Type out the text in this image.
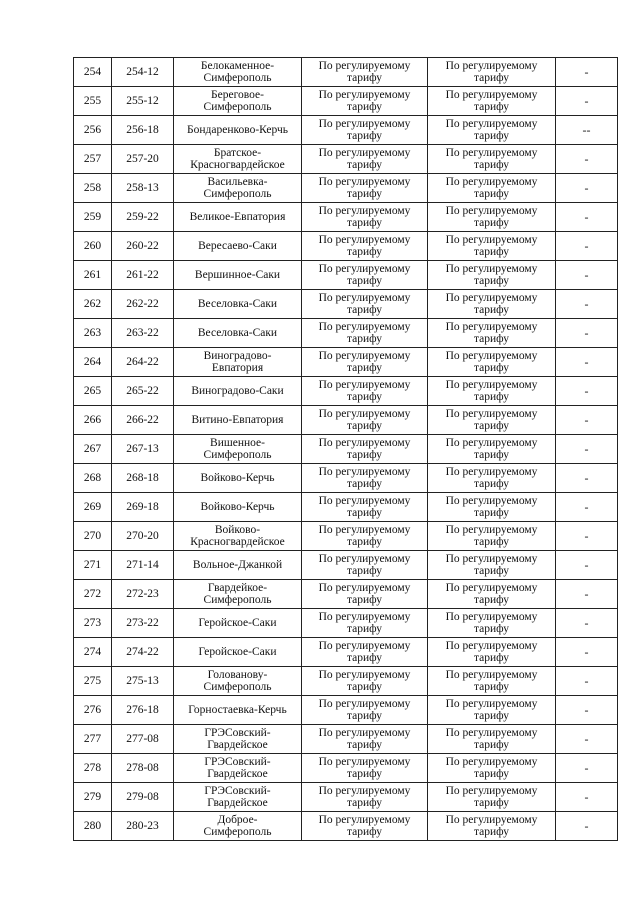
254	254-12	Белокаменное-
Симферополь	По регулируемому
тарифу	По регулируемому
тарифу	-
255	255-12	Береговое-
Симферополь	По регулируемому
тарифу	По регулируемому
тарифу	-
256	256-18	Бондаренково-Керчь	По регулируемому
тарифу	По регулируемому
тарифу	--
257	257-20	Братское-
Красногвардейское	По регулируемому
тарифу	По регулируемому
тарифу	-
258	258-13	Васильевка-
Симферополь	По регулируемому
тарифу	По регулируемому
тарифу	-
259	259-22	Великое-Евпатория	По регулируемому
тарифу	По регулируемому
тарифу	-
260	260-22	Вересаево-Саки	По регулируемому
тарифу	По регулируемому
тарифу	-
261	261-22	Вершинное-Саки	По регулируемому
тарифу	По регулируемому
тарифу	-
262	262-22	Веселовка-Саки	По регулируемому
тарифу	По регулируемому
тарифу	-
263	263-22	Веселовка-Саки	По регулируемому
тарифу	По регулируемому
тарифу	-
264	264-22	Виноградово-
Евпатория	По регулируемому
тарифу	По регулируемому
тарифу	-
265	265-22	Виноградово-Саки	По регулируемому
тарифу	По регулируемому
тарифу	-
266	266-22	Витино-Евпатория	По регулируемому
тарифу	По регулируемому
тарифу	-
267	267-13	Вишенное-
Симферополь	По регулируемому
тарифу	По регулируемому
тарифу	-
268	268-18	Войково-Керчь	По регулируемому
тарифу	По регулируемому
тарифу	-
269	269-18	Войково-Керчь	По регулируемому
тарифу	По регулируемому
тарифу	-
270	270-20	Войково-
Красногвардейское	По регулируемому
тарифу	По регулируемому
тарифу	-
271	271-14	Вольное-Джанкой	По регулируемому
тарифу	По регулируемому
тарифу	-
272	272-23	Гвардейкое-
Симферополь	По регулируемому
тарифу	По регулируемому
тарифу	-
273	273-22	Геройское-Саки	По регулируемому
тарифу	По регулируемому
тарифу	-
274	274-22	Геройское-Саки	По регулируемому
тарифу	По регулируемому
тарифу	-
275	275-13	Голованову-
Симферополь	По регулируемому
тарифу	По регулируемому
тарифу	-
276	276-18	Горностаевка-Керчь	По регулируемому
тарифу	По регулируемому
тарифу	-
277	277-08	ГРЭСовский-
Гвардейское	По регулируемому
тарифу	По регулируемому
тарифу	-
278	278-08	ГРЭСовский-
Гвардейское	По регулируемому
тарифу	По регулируемому
тарифу	-
279	279-08	ГРЭСовский-
Гвардейское	По регулируемому
тарифу	По регулируемому
тарифу	-
280	280-23	Доброе-
Симферополь	По регулируемому
тарифу	По регулируемому
тарифу	-
